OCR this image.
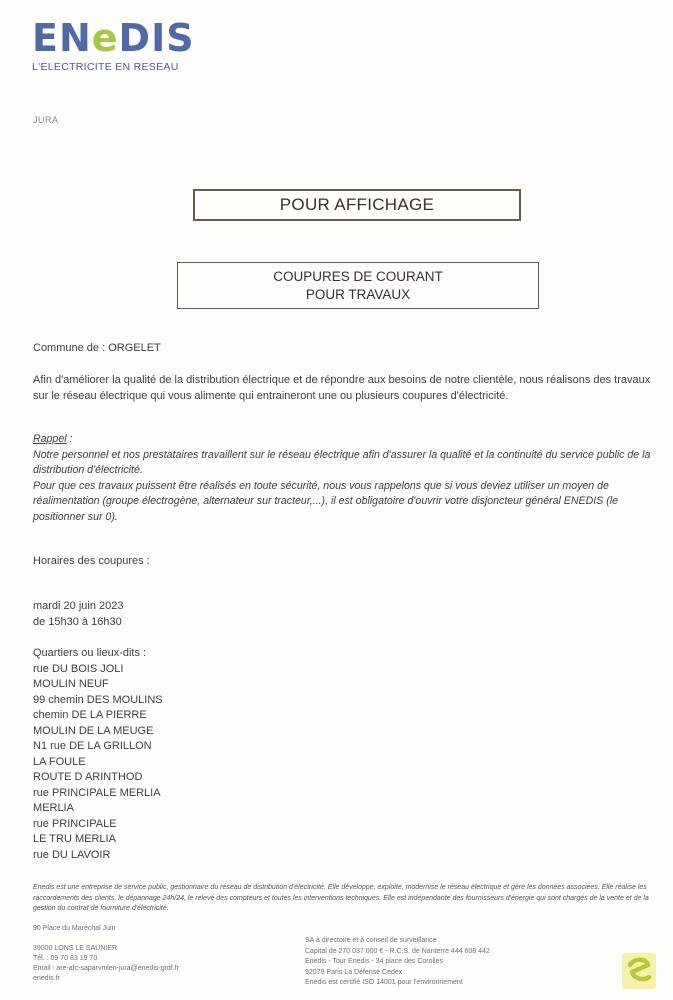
EN e DIS
L'ELECTRICITE EN RESEAU
JURA
POUR AFFICHAGE
COUPURES DE COURANT
POUR TRAVAUX
Commune de : ORGELET
Afin d'améliorer la qualité de la distribution électrique et de répondre aux besoins de notre clientèle, nous réalisons des travaux sur le réseau électrique qui vous alimente qui entraineront une ou plusieurs coupures d'électricité.
Rappel :
Notre personnel et nos prestataires travaillent sur le réseau électrique afin d'assurer la qualité et la continuité du service public de la distribution d'électricité.
Pour que ces travaux puissent être réalisés en toute sécurité, nous vous rappelons que si vous deviez utiliser un moyen de réalimentation (groupe électrogène, alternateur sur tracteur,...), il est obligatoire d'ouvrir votre disjoncteur général ENEDIS (le positionner sur 0).
Horaires des coupures :
mardi 20 juin 2023
de 15h30 à 16h30
Quartiers ou lieux-dits :
rue DU BOIS JOLI
MOULIN NEUF
99 chemin DES MOULINS
chemin DE LA PIERRE
MOULIN DE LA MEUGE
N1 rue DE LA GRILLON
LA FOULE
ROUTE D ARINTHOD
rue PRINCIPALE MERLIA
MERLIA
rue PRINCIPALE
LE TRU MERLIA
rue DU LAVOIR
Enedis est une entreprise de service public, gestionnaire du réseau de distribution d'électricité. Elle développe, exploite, modernise le réseau électrique et gère les données associées. Elle réalise les raccordements des clients, le dépannage 24h/24, le relevé des compteurs et toutes les interventions techniques. Elle est indépendante des fournisseurs d'énergie qui sont chargés de la vente et de la gestion du contrat de fourniture d'électricité.
90 Place du Maréchal Juin
39000 LONS LE SAUNIER
Tél. : 09 70 83 19 70
Email : are-afc-saparvmlen-jura@enedis-grdf.fr
enedis.fr
SA à directoire et à conseil de surveillance
Capital de 270 037 000 € - R.C.S. de Nanterre 444 608 442
Enedis - Tour Enedis - 34 place des Corolles
92079 Paris La Défense Cedex
Enedis est certifié ISO 14001 pour l'environnement
